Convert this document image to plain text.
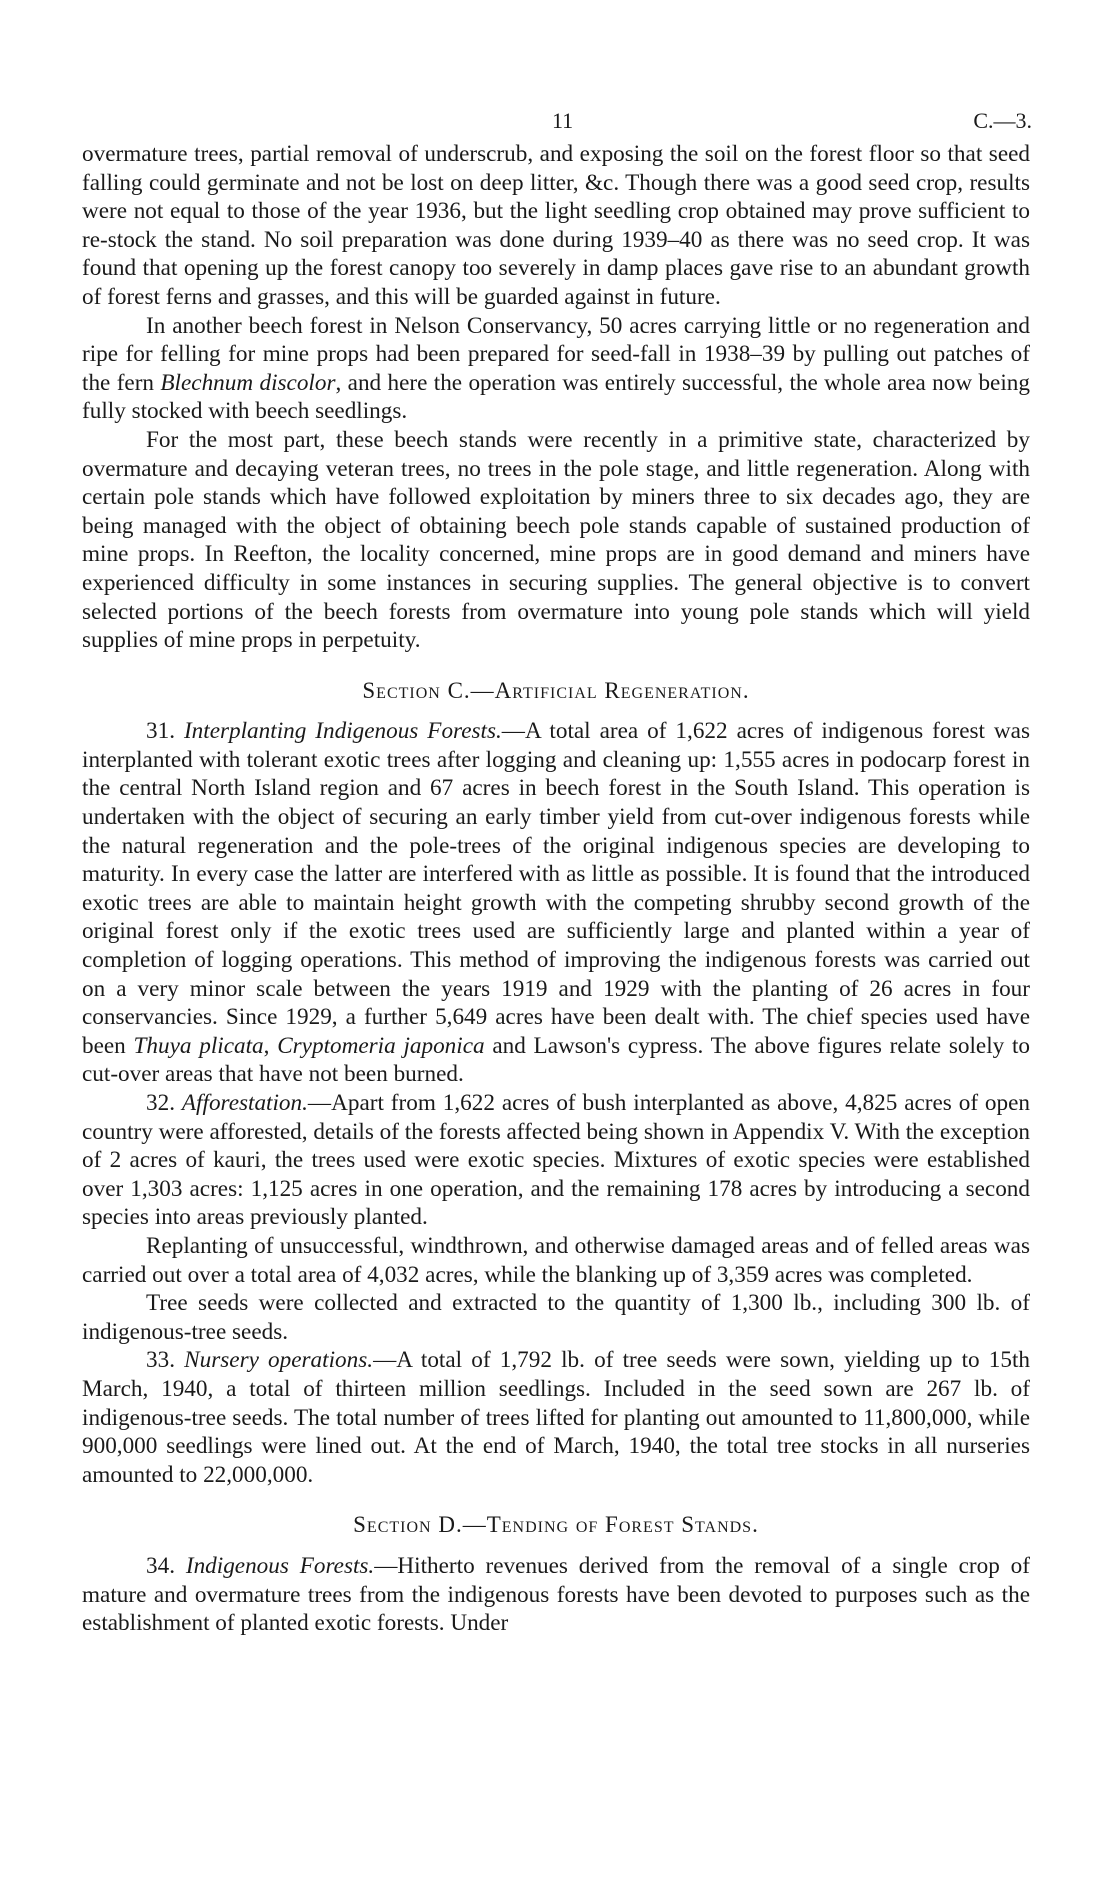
11	C.—3.

overmature trees, partial removal of underscrub, and exposing the soil on the forest floor so that seed falling could germinate and not be lost on deep litter, &c. Though there was a good seed crop, results were not equal to those of the year 1936, but the light seedling crop obtained may prove sufficient to re-stock the stand. No soil preparation was done during 1939–40 as there was no seed crop. It was found that opening up the forest canopy too severely in damp places gave rise to an abundant growth of forest ferns and grasses, and this will be guarded against in future.

In another beech forest in Nelson Conservancy, 50 acres carrying little or no regeneration and ripe for felling for mine props had been prepared for seed-fall in 1938–39 by pulling out patches of the fern Blechnum discolor, and here the operation was entirely successful, the whole area now being fully stocked with beech seedlings.

For the most part, these beech stands were recently in a primitive state, characterized by overmature and decaying veteran trees, no trees in the pole stage, and little regeneration. Along with certain pole stands which have followed exploitation by miners three to six decades ago, they are being managed with the object of obtaining beech pole stands capable of sustained production of mine props. In Reefton, the locality concerned, mine props are in good demand and miners have experienced difficulty in some instances in securing supplies. The general objective is to convert selected portions of the beech forests from overmature into young pole stands which will yield supplies of mine props in perpetuity.

Section C.—Artificial Regeneration.

31. Interplanting Indigenous Forests.—A total area of 1,622 acres of indigenous forest was interplanted with tolerant exotic trees after logging and cleaning up: 1,555 acres in podocarp forest in the central North Island region and 67 acres in beech forest in the South Island. This operation is undertaken with the object of securing an early timber yield from cut-over indigenous forests while the natural regeneration and the pole-trees of the original indigenous species are developing to maturity. In every case the latter are interfered with as little as possible. It is found that the introduced exotic trees are able to maintain height growth with the competing shrubby second growth of the original forest only if the exotic trees used are sufficiently large and planted within a year of completion of logging operations. This method of improving the indigenous forests was carried out on a very minor scale between the years 1919 and 1929 with the planting of 26 acres in four conservancies. Since 1929, a further 5,649 acres have been dealt with. The chief species used have been Thuya plicata, Cryptomeria japonica and Lawson's cypress. The above figures relate solely to cut-over areas that have not been burned.

32. Afforestation.—Apart from 1,622 acres of bush interplanted as above, 4,825 acres of open country were afforested, details of the forests affected being shown in Appendix V. With the exception of 2 acres of kauri, the trees used were exotic species. Mixtures of exotic species were established over 1,303 acres: 1,125 acres in one operation, and the remaining 178 acres by introducing a second species into areas previously planted.

Replanting of unsuccessful, windthrown, and otherwise damaged areas and of felled areas was carried out over a total area of 4,032 acres, while the blanking up of 3,359 acres was completed.

Tree seeds were collected and extracted to the quantity of 1,300 lb., including 300 lb. of indigenous-tree seeds.

33. Nursery operations.—A total of 1,792 lb. of tree seeds were sown, yielding up to 15th March, 1940, a total of thirteen million seedlings. Included in the seed sown are 267 lb. of indigenous-tree seeds. The total number of trees lifted for planting out amounted to 11,800,000, while 900,000 seedlings were lined out. At the end of March, 1940, the total tree stocks in all nurseries amounted to 22,000,000.

Section D.—Tending of Forest Stands.

34. Indigenous Forests.—Hitherto revenues derived from the removal of a single crop of mature and overmature trees from the indigenous forests have been devoted to purposes such as the establishment of planted exotic forests. Under
